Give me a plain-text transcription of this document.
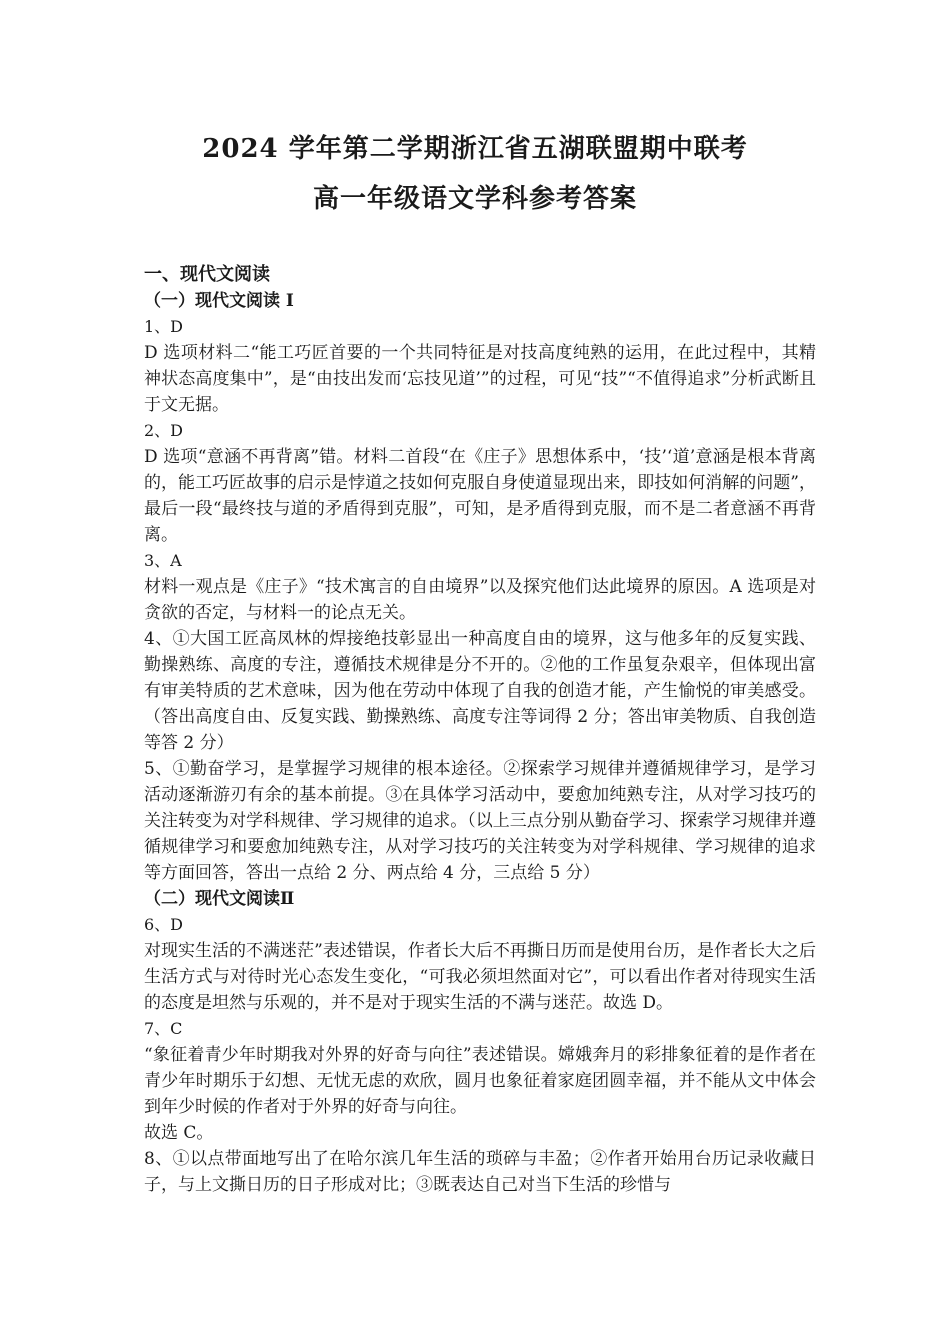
2024 学年第二学期浙江省五湖联盟期中联考
高一年级语文学科参考答案

一、现代文阅读

（一）现代文阅读 I

1、D

D 选项材料二“能工巧匠首要的一个共同特征是对技高度纯熟的运用，在此过程中，其精神状态高度集中”，是“由技出发而‘忘技见道’”的过程，可见“技”“不值得追求”分析武断且于文无据。

2、D

D 选项“意涵不再背离”错。材料二首段“在《庄子》思想体系中，‘技’‘道’意涵是根本背离的，能工巧匠故事的启示是悖道之技如何克服自身使道显现出来，即技如何消解的问题”，最后一段“最终技与道的矛盾得到克服”，可知，是矛盾得到克服，而不是二者意涵不再背离。

3、A

材料一观点是《庄子》“技术寓言的自由境界”以及探究他们达此境界的原因。A 选项是对贪欲的否定，与材料一的论点无关。

4、①大国工匠高凤林的焊接绝技彰显出一种高度自由的境界，这与他多年的反复实践、勤操熟练、高度的专注，遵循技术规律是分不开的。②他的工作虽复杂艰辛，但体现出富有审美特质的艺术意味，因为他在劳动中体现了自我的创造才能，产生愉悦的审美感受。（答出高度自由、反复实践、勤操熟练、高度专注等词得 2 分；答出审美物质、自我创造等答 2 分）

5、①勤奋学习，是掌握学习规律的根本途径。②探索学习规律并遵循规律学习，是学习活动逐渐游刃有余的基本前提。③在具体学习活动中，要愈加纯熟专注，从对学习技巧的关注转变为对学科规律、学习规律的追求。（以上三点分别从勤奋学习、探索学习规律并遵循规律学习和要愈加纯熟专注，从对学习技巧的关注转变为对学科规律、学习规律的追求等方面回答，答出一点给 2 分、两点给 4 分，三点给 5 分）

（二）现代文阅读Ⅱ

6、D

对现实生活的不满迷茫”表述错误，作者长大后不再撕日历而是使用台历，是作者长大之后生活方式与对待时光心态发生变化，“可我必须坦然面对它”，可以看出作者对待现实生活的态度是坦然与乐观的，并不是对于现实生活的不满与迷茫。故选 D。

7、C

“象征着青少年时期我对外界的好奇与向往”表述错误。嫦娥奔月的彩排象征着的是作者在青少年时期乐于幻想、无忧无虑的欢欣，圆月也象征着家庭团圆幸福，并不能从文中体会到年少时候的作者对于外界的好奇与向往。

故选 C。

8、①以点带面地写出了在哈尔滨几年生活的琐碎与丰盈；②作者开始用台历记录收藏日子，与上文撕日历的日子形成对比；③既表达自己对当下生活的珍惜与
